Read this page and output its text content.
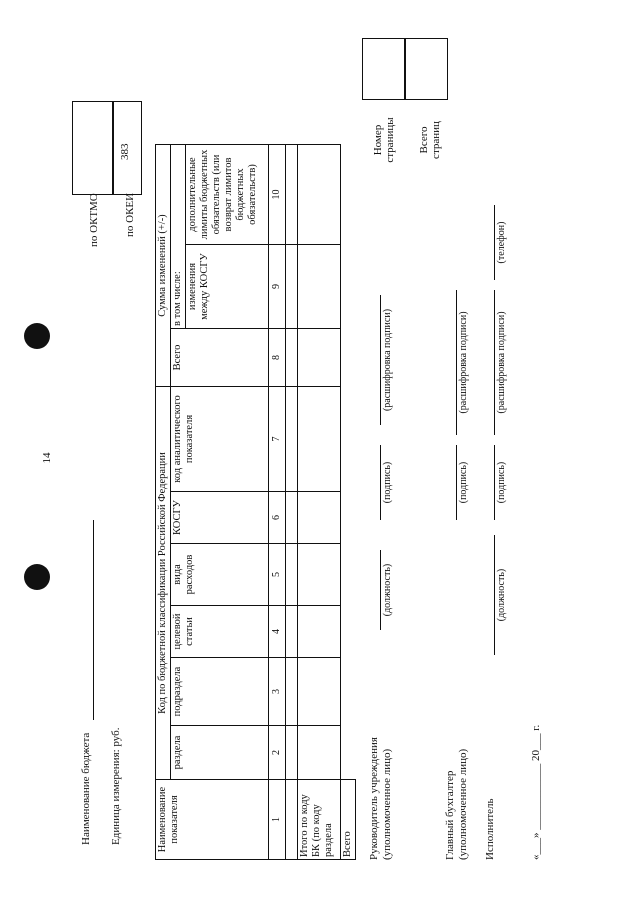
14
Наименование бюджета Единица измерения: руб.
по ОКТМО по ОКЕИ
383
Наименование показателя	Код по бюджетной классификации Российской Федерации						Сумма изменений (+/-)		
	раздела	подраздела	целевой статьи	вида расходов	КОСГУ	код аналитического показателя	Всего	в том числе:	
								изменения между КОСГУ	дополнительные лимиты бюджетных обязательств (или возврат лимитов бюджетных обязательств)
1	2	3	4	5	6	7	8	9	10

Итого по коду БК (по коду раздела									
Всего									
Номер страницы Всего страниц
Руководитель учреждения (уполномоченное лицо)
(должность)
(подпись)
(расшифровка подписи)
Главный бухгалтер (уполномоченное лицо)
(подпись)
(расшифровка подписи)
Исполнитель
(должность)
(подпись)
(расшифровка подписи)
(телефон)
«___» ____________ 20___ г.
